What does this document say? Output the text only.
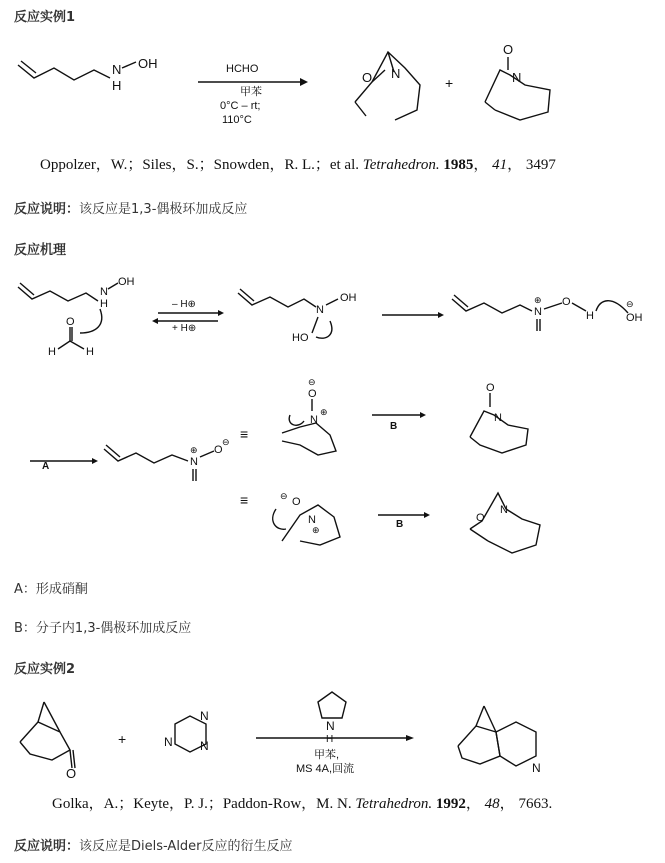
反应实例1
N
H
OH	HCHO
甲苯
0°C – rt;
110°C
O N
+
O
N
Oppolzer，W.；Siles，S.；Snowden，R. L.；et al. Tetrahedron. 1985， 41， 3497
反应说明：该反应是1,3-偶极环加成反应
反应机理
N
H
OH
O
H	H
– H⊕
+ H⊕
N
OH
HO
N
⊕ O
H	OH
⊖
A	N
⊕ O
⊖ ≡
≡
⊖
O
N
⊕
B
O
N
⊖ O
N
⊕	B
O
N
A：形成硝酮
B：分子内1,3-偶极环加成反应
反应实例2
O
+	N
N
N
N
H
甲苯,
MS 4A,回流	N
Golka，A.；Keyte，P. J.；Paddon-Row，M. N. Tetrahedron. 1992， 48， 7663.
反应说明：该反应是Diels-Alder反应的衍生反应
